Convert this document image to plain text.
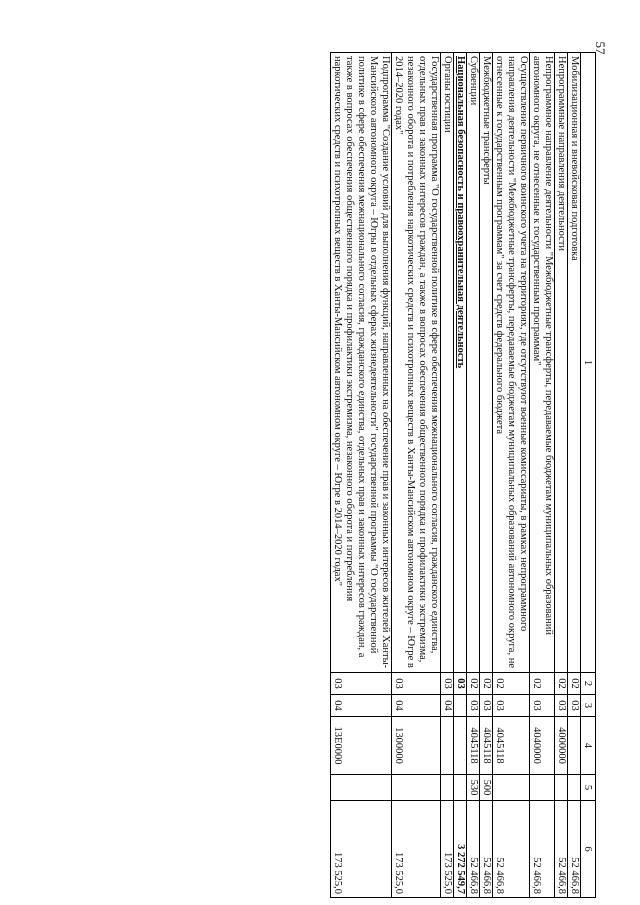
57
1	2	3	4	5	6
Мобилизационная и вневойсковая подготовка	02	03			52 466,8
Непрограммные направления деятельности	02	03	4000000		52 466,8
Непрограммное направление деятельности "Межбюджетные трансферты, передаваемые бюджетам муниципальных образований автономного округа, не отнесенные к государственным программам"	02	03	4040000		52 466,8
Осуществление первичного воинского учета на территориях, где отсутствуют военные комиссариаты, в рамках непрограммного направления деятельности "Межбюджетные трансферты, передаваемые бюджетам муниципальных образований автономного округа, не отнесенные к государственным программам" за счет средств федерального бюджета	02	03	4045118		52 466,8
Межбюджетные трансферты	02	03	4045118	500	52 466,8
Субвенции	02	03	4045118	530	52 466,8
Национальная безопасность и правоохранительная деятельность	03				3 272 549,7
Органы юстиции	03	04			173 525,0
Государственная программа "О государственной политике в сфере обеспечения межнационального согласия, гражданского единства, отдельных прав и законных интересов граждан, а также в вопросах обеспечения общественного порядка и профилактики экстремизма, незаконного оборота и потребления наркотических средств и психотропных веществ в Ханты-Мансийском автономном округе – Югре в 2014–2020 годах"	03	04	1300000		173 525,0
Подпрограмма "Создание условий для выполнения функций, направленных на обеспечение прав и законных интересов жителей Ханты-Мансийского автономного округа – Югры в отдельных сферах жизнедеятельности" государственной программы "О государственной политике в сфере обеспечения межнационального согласия, гражданского единства, отдельных прав и законных интересов граждан, а также в вопросах обеспечения общественного порядка и профилактики экстремизма, незаконного оборота и потребления наркотических средств и психотропных веществ в Ханты-Мансийском автономном округе – Югре в 2014–2020 годах"	03	04	13Е0000		173 525,0
